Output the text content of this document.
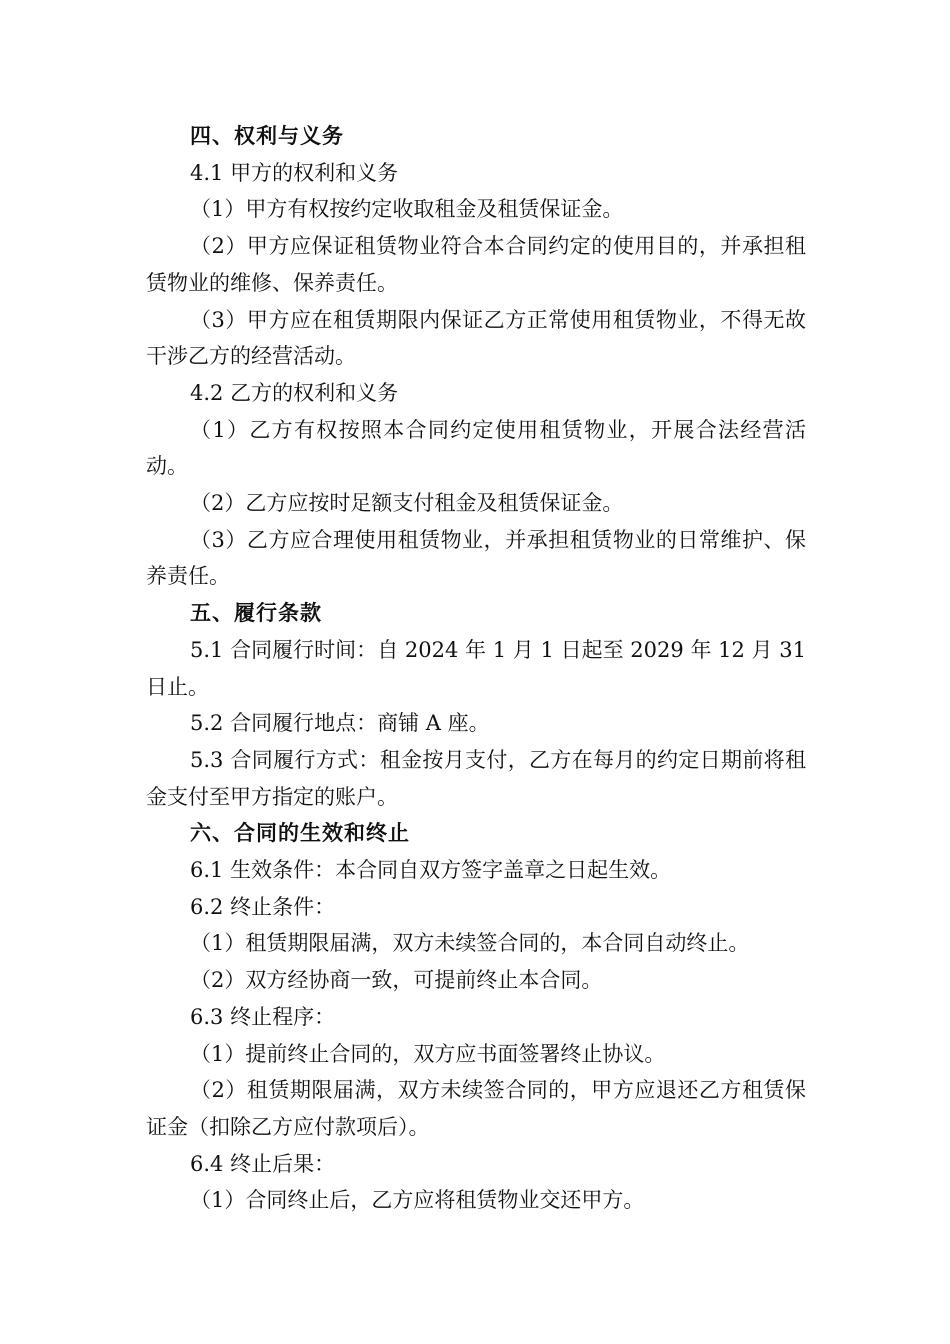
四、权利与义务

4.1 甲方的权利和义务

（1）甲方有权按约定收取租金及租赁保证金。

（2）甲方应保证租赁物业符合本合同约定的使用目的，并承担租赁物业的维修、保养责任。

（3）甲方应在租赁期限内保证乙方正常使用租赁物业，不得无故干涉乙方的经营活动。

4.2 乙方的权利和义务

（1）乙方有权按照本合同约定使用租赁物业，开展合法经营活动。

（2）乙方应按时足额支付租金及租赁保证金。

（3）乙方应合理使用租赁物业，并承担租赁物业的日常维护、保养责任。

五、履行条款

5.1 合同履行时间：自 2024 年 1 月 1 日起至 2029 年 12 月 31 日止。

5.2 合同履行地点：商铺 A 座。

5.3 合同履行方式：租金按月支付，乙方在每月的约定日期前将租金支付至甲方指定的账户。

六、合同的生效和终止

6.1 生效条件：本合同自双方签字盖章之日起生效。

6.2 终止条件：

（1）租赁期限届满，双方未续签合同的，本合同自动终止。

（2）双方经协商一致，可提前终止本合同。

6.3 终止程序：

（1）提前终止合同的，双方应书面签署终止协议。

（2）租赁期限届满，双方未续签合同的，甲方应退还乙方租赁保证金（扣除乙方应付款项后）。

6.4 终止后果：

（1）合同终止后，乙方应将租赁物业交还甲方。
